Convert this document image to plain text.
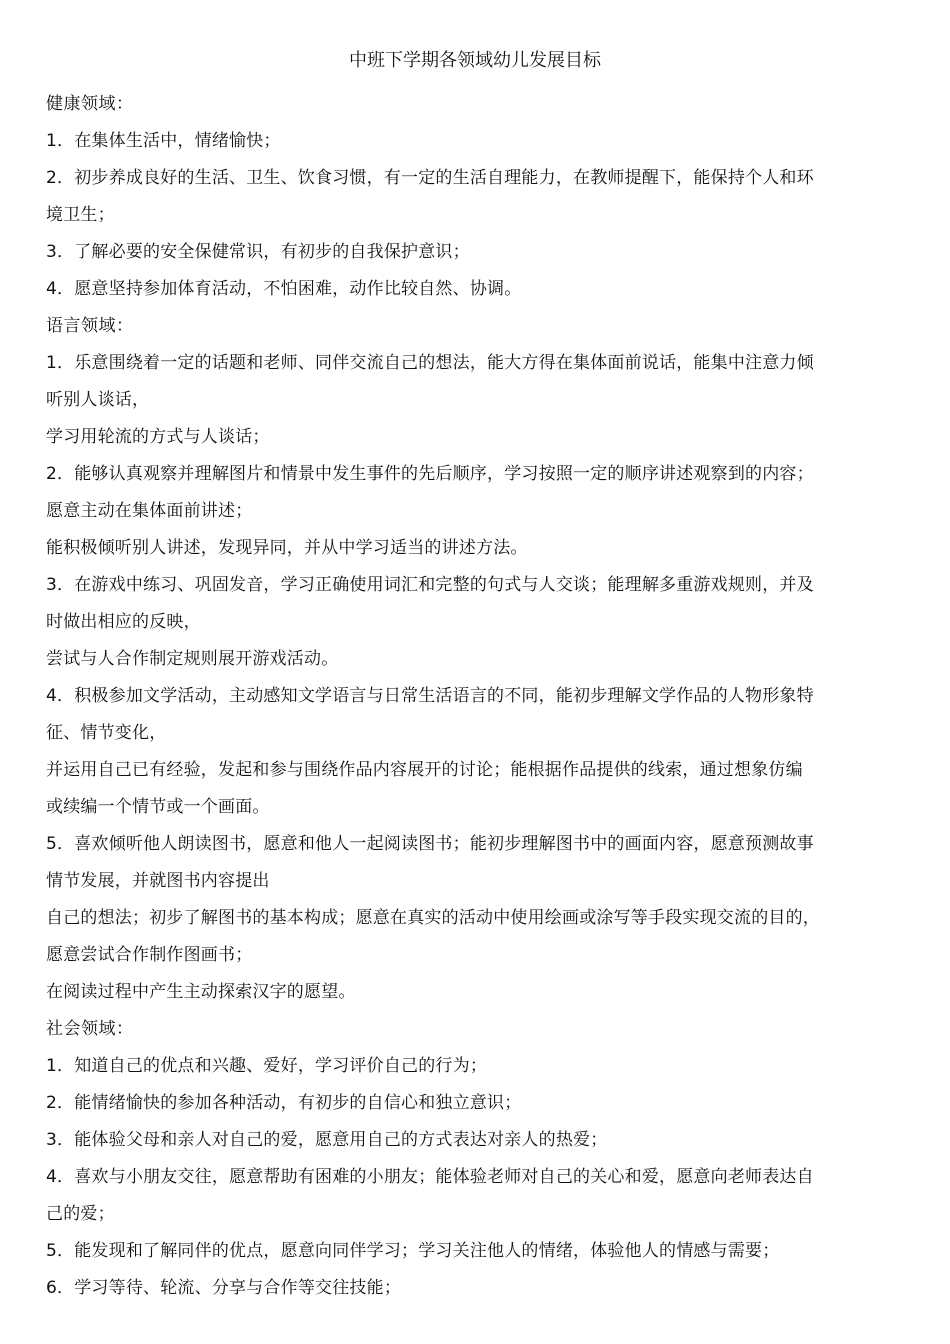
中班下学期各领域幼儿发展目标
健康领域：
1．在集体生活中，情绪愉快；
2．初步养成良好的生活、卫生、饮食习惯，有一定的生活自理能力，在教师提醒下，能保持个人和环
境卫生；
3．了解必要的安全保健常识，有初步的自我保护意识；
4．愿意坚持参加体育活动，不怕困难，动作比较自然、协调。
语言领域：
1．乐意围绕着一定的话题和老师、同伴交流自己的想法，能大方得在集体面前说话，能集中注意力倾
听别人谈话，
学习用轮流的方式与人谈话；
2．能够认真观察并理解图片和情景中发生事件的先后顺序，学习按照一定的顺序讲述观察到的内容；
愿意主动在集体面前讲述；
能积极倾听别人讲述，发现异同，并从中学习适当的讲述方法。
3．在游戏中练习、巩固发音，学习正确使用词汇和完整的句式与人交谈；能理解多重游戏规则，并及
时做出相应的反映，
尝试与人合作制定规则展开游戏活动。
4．积极参加文学活动，主动感知文学语言与日常生活语言的不同，能初步理解文学作品的人物形象特
征、情节变化，
并运用自己已有经验，发起和参与围绕作品内容展开的讨论；能根据作品提供的线索，通过想象仿编
或续编一个情节或一个画面。
5．喜欢倾听他人朗读图书，愿意和他人一起阅读图书；能初步理解图书中的画面内容，愿意预测故事
情节发展，并就图书内容提出
自己的想法；初步了解图书的基本构成；愿意在真实的活动中使用绘画或涂写等手段实现交流的目的，
愿意尝试合作制作图画书；
在阅读过程中产生主动探索汉字的愿望。
社会领域：
1．知道自己的优点和兴趣、爱好，学习评价自己的行为；
2．能情绪愉快的参加各种活动，有初步的自信心和独立意识；
3．能体验父母和亲人对自己的爱，愿意用自己的方式表达对亲人的热爱；
4．喜欢与小朋友交往，愿意帮助有困难的小朋友；能体验老师对自己的关心和爱，愿意向老师表达自
己的爱；
5．能发现和了解同伴的优点，愿意向同伴学习；学习关注他人的情绪，体验他人的情感与需要；
6．学习等待、轮流、分享与合作等交往技能；
